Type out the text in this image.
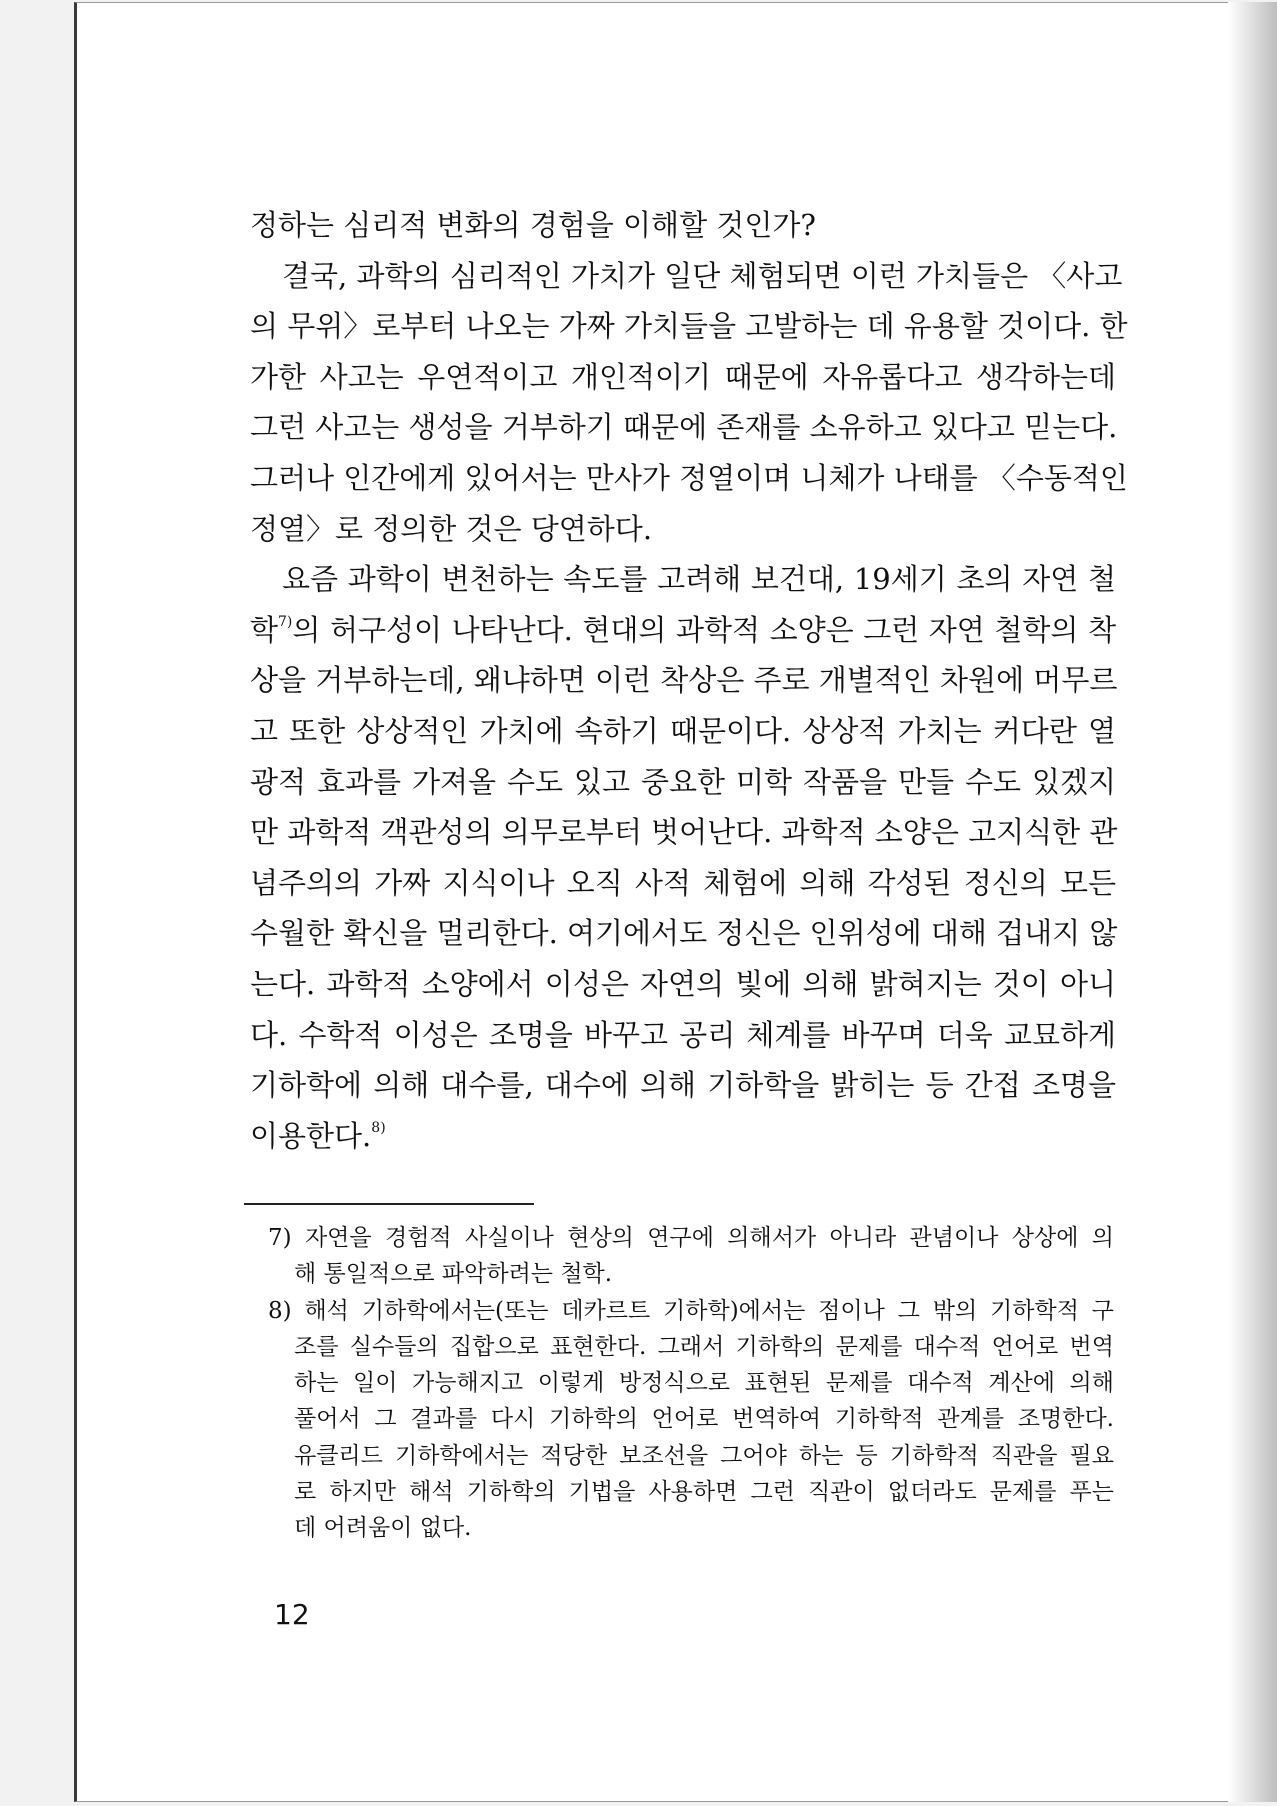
정하는 심리적 변화의 경험을 이해할 것인가?
결국, 과학의 심리적인 가치가 일단 체험되면 이런 가치들은 〈사고
의 무위〉로부터 나오는 가짜 가치들을 고발하는 데 유용할 것이다. 한
가한 사고는 우연적이고 개인적이기 때문에 자유롭다고 생각하는데
그런 사고는 생성을 거부하기 때문에 존재를 소유하고 있다고 믿는다.
그러나 인간에게 있어서는 만사가 정열이며 니체가 나태를 〈수동적인
정열〉로 정의한 것은 당연하다.
요즘 과학이 변천하는 속도를 고려해 보건대, 19세기 초의 자연 철
학$^{7)}$의 허구성이 나타난다. 현대의 과학적 소양은 그런 자연 철학의 착
상을 거부하는데, 왜냐하면 이런 착상은 주로 개별적인 차원에 머무르
고 또한 상상적인 가치에 속하기 때문이다. 상상적 가치는 커다란 열
광적 효과를 가져올 수도 있고 중요한 미학 작품을 만들 수도 있겠지
만 과학적 객관성의 의무로부터 벗어난다. 과학적 소양은 고지식한 관
념주의의 가짜 지식이나 오직 사적 체험에 의해 각성된 정신의 모든
수월한 확신을 멀리한다. 여기에서도 정신은 인위성에 대해 겁내지 않
는다. 과학적 소양에서 이성은 자연의 빛에 의해 밝혀지는 것이 아니
다. 수학적 이성은 조명을 바꾸고 공리 체계를 바꾸며 더욱 교묘하게
기하학에 의해 대수를, 대수에 의해 기하학을 밝히는 등 간접 조명을
이용한다.$^{8)}$
7) 자연을 경험적 사실이나 현상의 연구에 의해서가 아니라 관념이나 상상에 의
해 통일적으로 파악하려는 철학.
8) 해석 기하학에서는(또는 데카르트 기하학)에서는 점이나 그 밖의 기하학적 구
조를 실수들의 집합으로 표현한다. 그래서 기하학의 문제를 대수적 언어로 번역
하는 일이 가능해지고 이렇게 방정식으로 표현된 문제를 대수적 계산에 의해
풀어서 그 결과를 다시 기하학의 언어로 번역하여 기하학적 관계를 조명한다.
유클리드 기하학에서는 적당한 보조선을 그어야 하는 등 기하학적 직관을 필요
로 하지만 해석 기하학의 기법을 사용하면 그런 직관이 없더라도 문제를 푸는
데 어려움이 없다.
12
